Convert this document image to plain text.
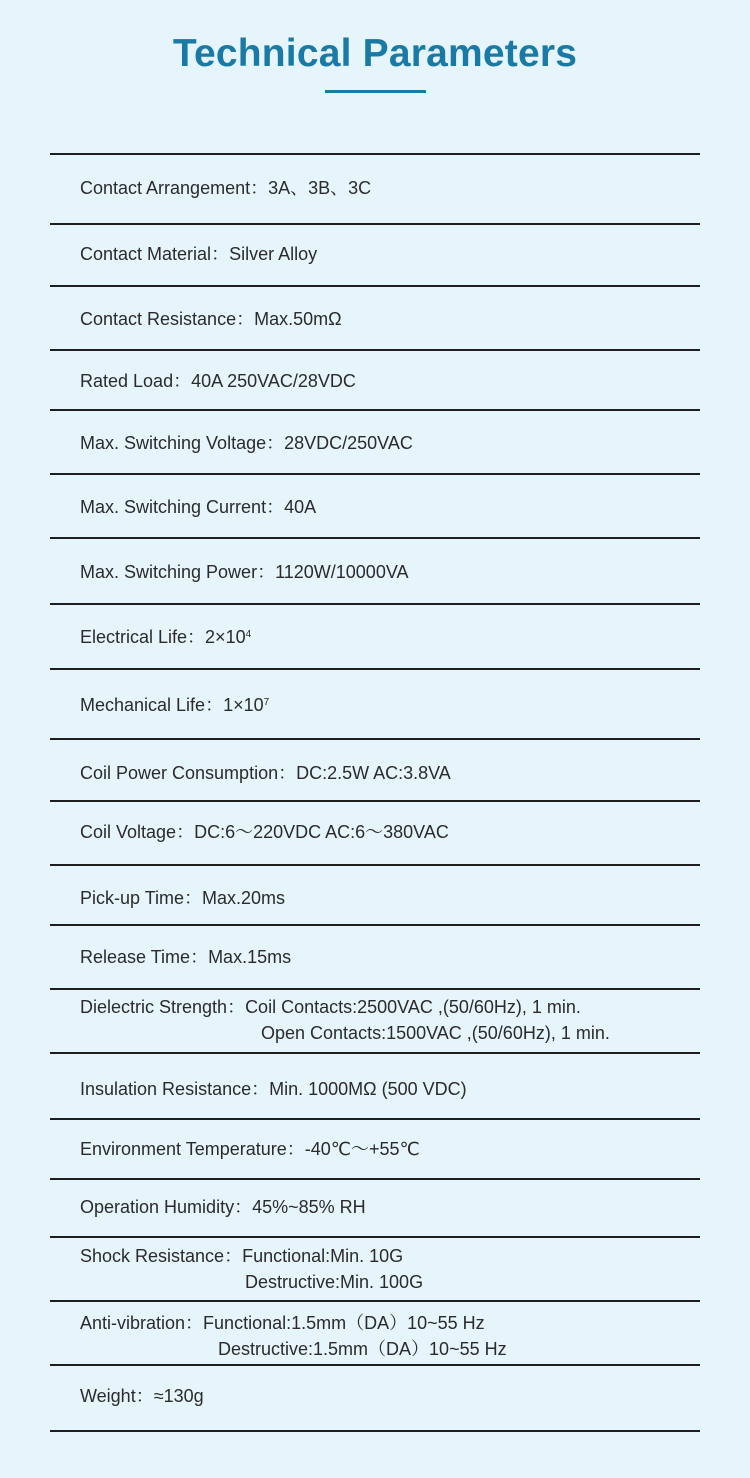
Technical Parameters
Contact Arrangement：3A、3B、3C
Contact Material：Silver Alloy
Contact Resistance：Max.50mΩ
Rated Load：40A 250VAC/28VDC
Max. Switching Voltage：28VDC/250VAC
Max. Switching Current：40A
Max. Switching Power：1120W/10000VA
Electrical Life：$2\times 10^4$
Mechanical Life：$1\times 10^7$
Coil Power Consumption：DC:2.5W AC:3.8VA
Coil Voltage：DC:6～220VDC AC:6～380VAC
Pick-up Time：Max.20ms
Release Time：Max.15ms
Dielectric Strength：Coil Contacts:2500VAC ,(50/60Hz), 1 min.
Open Contacts:1500VAC ,(50/60Hz), 1 min.
Insulation Resistance：Min. 1000MΩ (500 VDC)
Environment Temperature：-40℃～+55℃
Operation Humidity：45%~85% RH
Shock Resistance：Functional:Min. 10G
Destructive:Min. 100G
Anti-vibration：Functional:1.5mm（DA）10~55 Hz
Destructive:1.5mm（DA）10~55 Hz
Weight：≈130g
